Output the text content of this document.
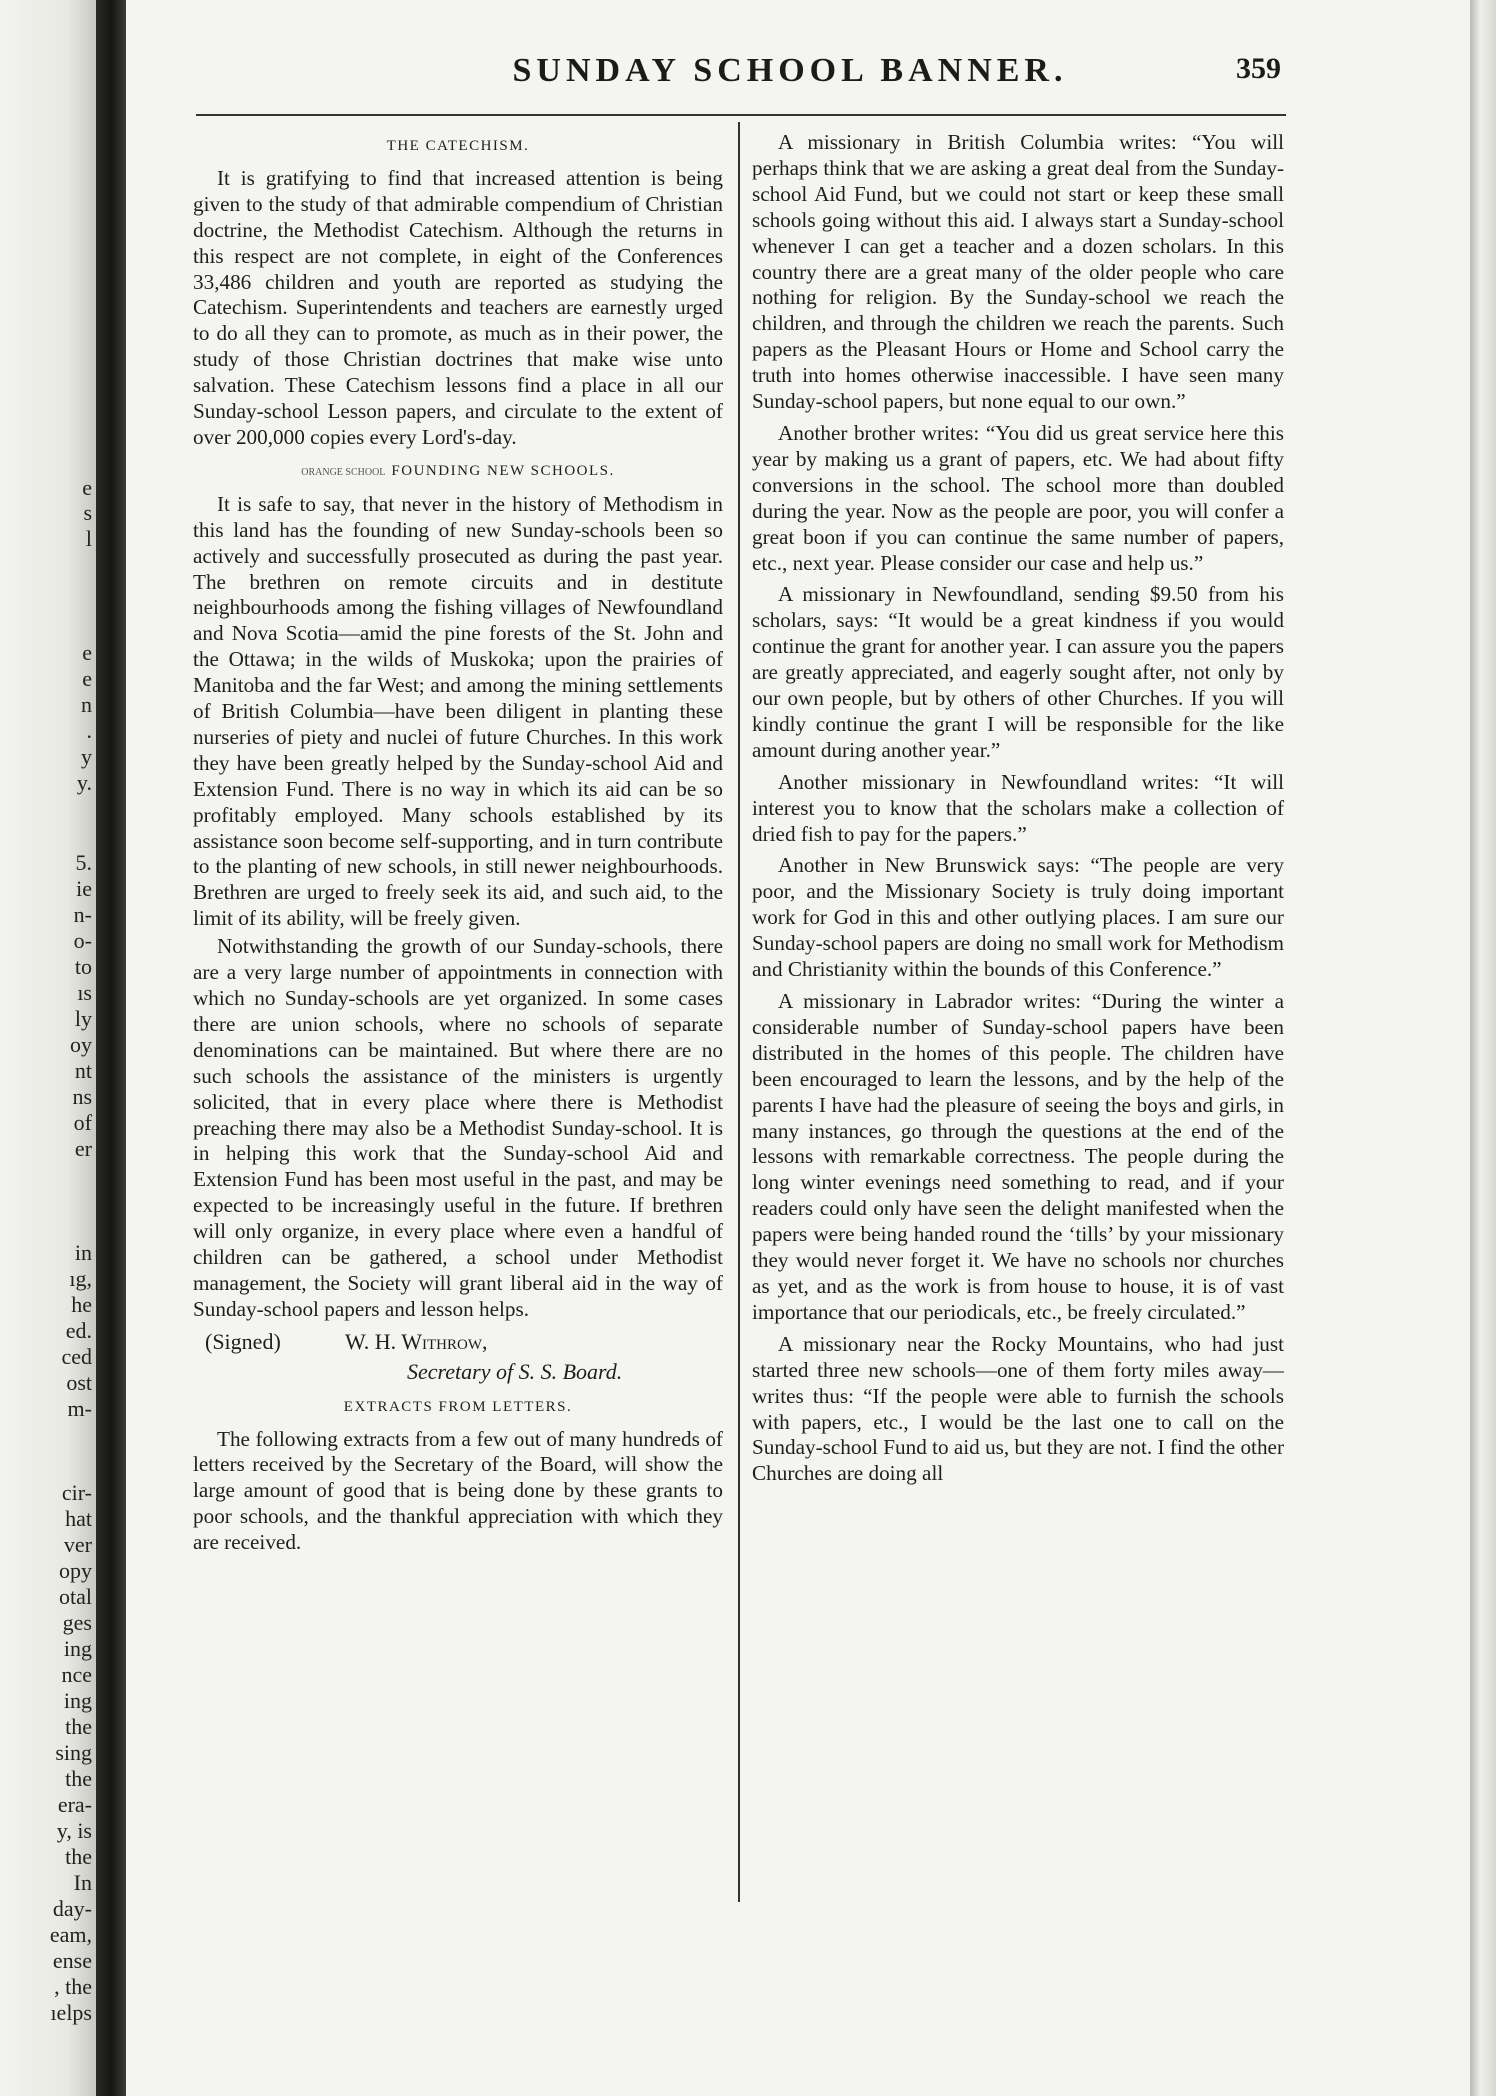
e
s
l
e
e
n
.
y
y.
5.
ie
n-
o-
to
ıs
ly
oy
nt
ns
of
er
in
ıg,
he
ed.
ced
ost
m-
cir-
hat
ver
opy
otal
ges
ing
nce
ing
the
sing
the
era-
y, is
the
In
day-
eam,
ense
, the
ıelps
SUNDAY SCHOOL BANNER.	359
THE CATECHISM.

It is gratifying to find that increased attention is being given to the study of that admirable compendium of Christian doctrine, the Methodist Catechism. Although the returns in this respect are not complete, in eight of the Conferences 33,486 children and youth are reported as studying the Catechism. Superintendents and teachers are earnestly urged to do all they can to promote, as much as in their power, the study of those Christian doctrines that make wise unto salvation. These Catechism lessons find a place in all our Sunday-school Lesson papers, and circulate to the extent of over 200,000 copies every Lord's-day.

ORANGE SCHOOL FOUNDING NEW SCHOOLS.

It is safe to say, that never in the history of Methodism in this land has the founding of new Sunday-schools been so actively and successfully prosecuted as during the past year. The brethren on remote circuits and in destitute neighbourhoods among the fishing villages of Newfoundland and Nova Scotia—amid the pine forests of the St. John and the Ottawa; in the wilds of Muskoka; upon the prairies of Manitoba and the far West; and among the mining settlements of British Columbia—have been diligent in planting these nurseries of piety and nuclei of future Churches. In this work they have been greatly helped by the Sunday-school Aid and Extension Fund. There is no way in which its aid can be so profitably employed. Many schools established by its assistance soon become self-supporting, and in turn contribute to the planting of new schools, in still newer neighbourhoods. Brethren are urged to freely seek its aid, and such aid, to the limit of its ability, will be freely given.

Notwithstanding the growth of our Sunday-schools, there are a very large number of appointments in connection with which no Sunday-schools are yet organized. In some cases there are union schools, where no schools of separate denominations can be maintained. But where there are no such schools the assistance of the ministers is urgently solicited, that in every place where there is Methodist preaching there may also be a Methodist Sunday-school. It is in helping this work that the Sunday-school Aid and Extension Fund has been most useful in the past, and may be expected to be increasingly useful in the future. If brethren will only organize, in every place where even a handful of children can be gathered, a school under Methodist management, the Society will grant liberal aid in the way of Sunday-school papers and lesson helps.

(Signed)	W. H. Withrow,
Secretary of S. S. Board.
EXTRACTS FROM LETTERS.

The following extracts from a few out of many hundreds of letters received by the Secretary of the Board, will show the large amount of good that is being done by these grants to poor schools, and the thankful appreciation with which they are received.

A missionary in British Columbia writes: “You will perhaps think that we are asking a great deal from the Sunday-school Aid Fund, but we could not start or keep these small schools going without this aid. I always start a Sunday-school whenever I can get a teacher and a dozen scholars. In this country there are a great many of the older people who care nothing for religion. By the Sunday-school we reach the children, and through the children we reach the parents. Such papers as the Pleasant Hours or Home and School carry the truth into homes otherwise inaccessible. I have seen many Sunday-school papers, but none equal to our own.”

Another brother writes: “You did us great service here this year by making us a grant of papers, etc. We had about fifty conversions in the school. The school more than doubled during the year. Now as the people are poor, you will confer a great boon if you can continue the same number of papers, etc., next year. Please consider our case and help us.”

A missionary in Newfoundland, sending $9.50 from his scholars, says: “It would be a great kindness if you would continue the grant for another year. I can assure you the papers are greatly appreciated, and eagerly sought after, not only by our own people, but by others of other Churches. If you will kindly continue the grant I will be responsible for the like amount during another year.”

Another missionary in Newfoundland writes: “It will interest you to know that the scholars make a collection of dried fish to pay for the papers.”

Another in New Brunswick says: “The people are very poor, and the Missionary Society is truly doing important work for God in this and other outlying places. I am sure our Sunday-school papers are doing no small work for Methodism and Christianity within the bounds of this Conference.”

A missionary in Labrador writes: “During the winter a considerable number of Sunday-school papers have been distributed in the homes of this people. The children have been encouraged to learn the lessons, and by the help of the parents I have had the pleasure of seeing the boys and girls, in many instances, go through the questions at the end of the lessons with remarkable correctness. The people during the long winter evenings need something to read, and if your readers could only have seen the delight manifested when the papers were being handed round the ‘tills’ by your missionary they would never forget it. We have no schools nor churches as yet, and as the work is from house to house, it is of vast importance that our periodicals, etc., be freely circulated.”

A missionary near the Rocky Mountains, who had just started three new schools—one of them forty miles away—writes thus: “If the people were able to furnish the schools with papers, etc., I would be the last one to call on the Sunday-school Fund to aid us, but they are not. I find the other Churches are doing all
